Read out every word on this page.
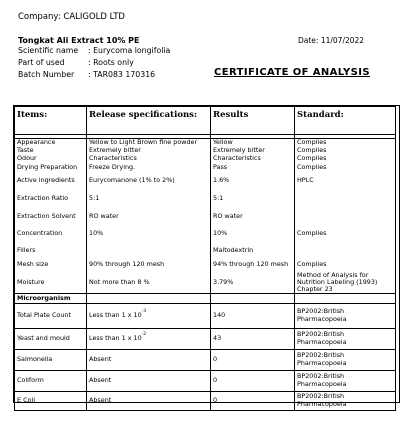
Company: CALIGOLD LTD
Tongkat Ali Extract 10% PE	Date: 11/07/2022
Scientific name : Eurycoma longifolia
Part of used	: Roots only
Batch Number : TAR083 170316	CERTIFICATE OF ANALYSIS
Items:	Release specifications:	Results	Standard:

Appearance	Yellow to Light Brown fine powder	Yellow	Complies
Taste	Extremely bitter	Extremely bitter	Complies
Odour	Characteristics	Characteristics	Complies
Drying Preparation	Freeze Drying.	Pass	Complies
Active ingredients	Eurycomanone (1% to 2%)	1.6%	HPLC
Extraction Ratio	5:1	5:1	
Extraction Solvent	RO water	RO water	
Concentration	10%	10%	Complies
Fillers		Maltodextrin	
Mesh size	90% through 120 mesh	94% through 120 mesh	Complies
Moisture	Not more than 8 %	3.79%	Method of Analysis for Nutrition Labeling (1993) Chapter 23
Microorganism			
Total Plate Count	Less than 1 x $10^{-3}$	140	BP2002:British Pharmacopoeia
Yeast and mould	Less than 1 x $10^{-2}$	43	BP2002:British Pharmacopoeia
Salmonella	Absent	0	BP2002:British Pharmacopoeia
Coliform	Absent	0	BP2002:British Pharmacopoeia
E Coli	Absent	0	BP2002:British Pharmacopoeia
